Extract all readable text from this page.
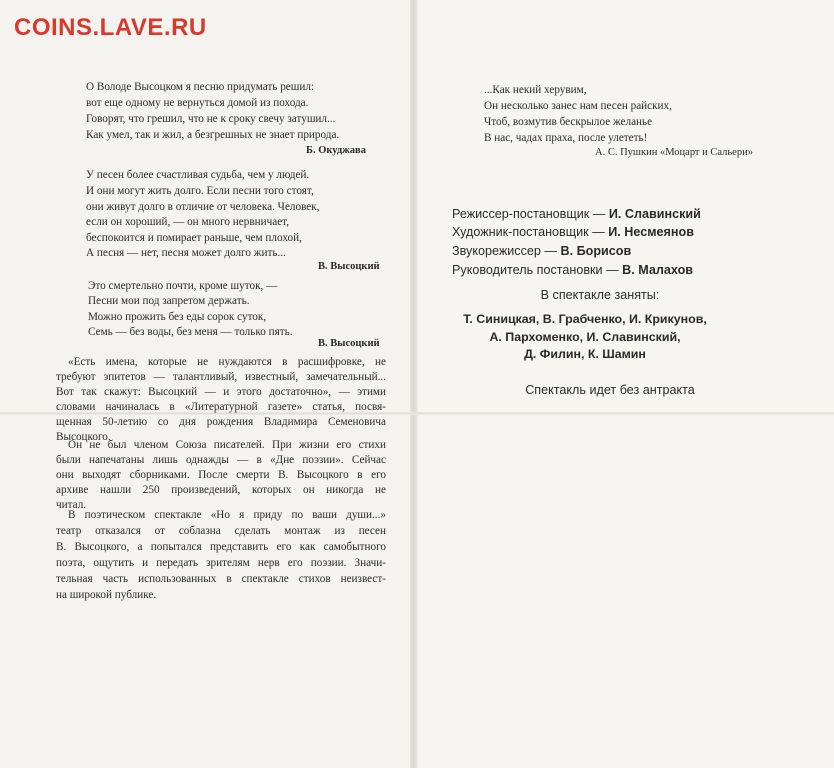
COINS.LAVE.RU
О Володе Высоцком я песню придумать решил:
вот еще одному не вернуться домой из похода.
Говорят, что грешил, что не к сроку свечу затушил...
Как умел, так и жил, а безгрешных не знает природа.
Б. Окуджава
У песен более счастливая судьба, чем у людей.
И они могут жить долго. Если песни того стоят,
они живут долго в отличие от человека. Человек,
если он хороший, — он много нервничает,
беспокоится и помирает раньше, чем плохой,
А песня — нет, песня может долго жить...
В. Высоцкий
Это смертельно почти, кроме шуток, —
Песни мои под запретом держать.
Можно прожить без еды сорок суток,
Семь — без воды, без меня — только пять.
В. Высоцкий
«Есть имена, которые не нуждаются в расшифровке, не
требуют эпитетов — талантливый, известный, замечательный...
Вот так скажут: Высоцкий — и этого достаточно», — этими
словами начиналась в «Литературной газете» статья, посвя-
щенная 50-летию со дня рождения Владимира Семеновича
Высоцкого.
Он не был членом Союза писателей. При жизни его стихи
были напечатаны лишь однажды — в «Дне поэзии». Сейчас
они выходят сборниками. После смерти В. Высоцкого в его
архиве нашли 250 произведений, которых он никогда не
читал.
В поэтическом спектакле «Но я приду по ваши души...»
театр отказался от соблазна сделать монтаж из песен
В. Высоцкого, а попытался представить его как самобытного
поэта, ощутить и передать зрителям нерв его поэзии. Значи-
тельная часть использованных в спектакле стихов неизвест-
на широкой публике.
...Как некий херувим,
Он несколько занес нам песен райских,
Чтоб, возмутив бескрылое желанье
В нас, чадах праха, после улететь!
А. С. Пушкин «Моцарт и Сальери»
Режиссер-постановщик — И. Славинский
Художник-постановщик — И. Несмеянов
Звукорежиссер — В. Борисов
Руководитель постановки — В. Малахов
В спектакле заняты:
Т. Синицкая, В. Грабченко, И. Крикунов,
А. Пархоменко, И. Славинский,
Д. Филин, К. Шамин
Спектакль идет без антракта
